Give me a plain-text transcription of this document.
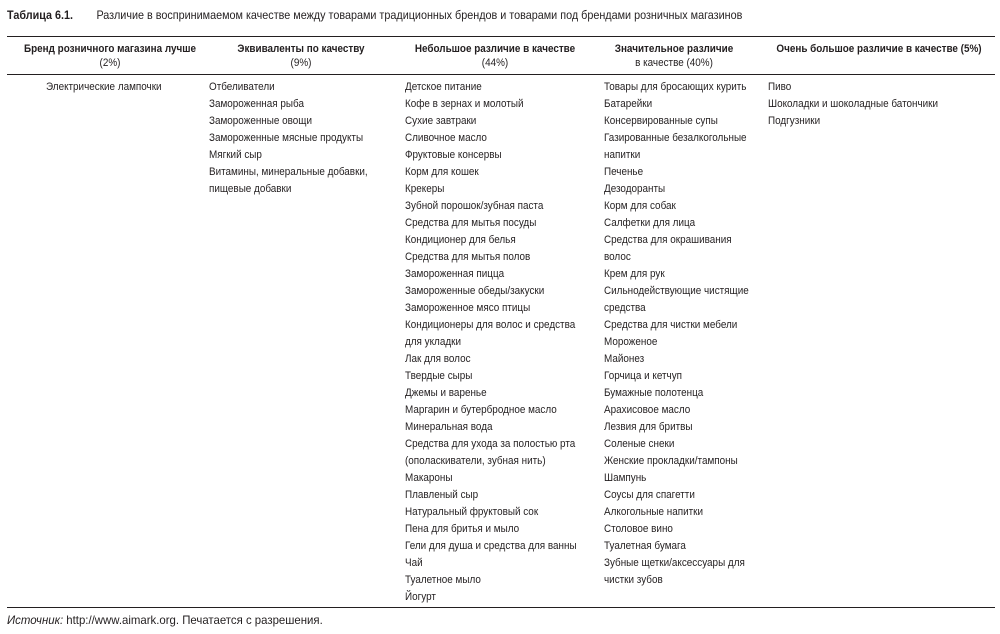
Таблица 6.1. Различие в воспринимаемом качестве между товарами традиционных брендов и товарами под брендами розничных магазинов
Бренд розничного магазина лучше
(2%)
Эквиваленты по качеству
(9%)
Небольшое различие в качестве
(44%)
Значительное различие
в качестве (40%)
Очень большое различие в качестве (5%)
Электрические лампочки	Отбеливатели
Замороженная рыба
Замороженные овощи
Замороженные мясные продукты
Мягкий сыр
Витамины, минеральные добавки,
пищевые добавки
Детское питание
Кофе в зернах и молотый
Сухие завтраки
Сливочное масло
Фруктовые консервы
Корм для кошек
Крекеры
Зубной порошок/зубная паста
Средства для мытья посуды
Кондиционер для белья
Средства для мытья полов
Замороженная пицца
Замороженные обеды/закуски
Замороженное мясо птицы
Кондиционеры для волос и средства
для укладки
Лак для волос
Твердые сыры
Джемы и варенье
Маргарин и бутербродное масло
Минеральная вода
Средства для ухода за полостью рта
(ополаскиватели, зубная нить)
Макароны
Плавленый сыр
Натуральный фруктовый сок
Пена для бритья и мыло
Гели для душа и средства для ванны
Чай
Туалетное мыло
Йогурт
Товары для бросающих курить
Батарейки
Консервированные супы
Газированные безалкогольные
напитки
Печенье
Дезодоранты
Корм для собак
Салфетки для лица
Средства для окрашивания
волос
Крем для рук
Сильнодействующие чистящие
средства
Средства для чистки мебели
Мороженое
Майонез
Горчица и кетчуп
Бумажные полотенца
Арахисовое масло
Лезвия для бритвы
Соленые снеки
Женские прокладки/тампоны
Шампунь
Соусы для спагетти
Алкогольные напитки
Столовое вино
Туалетная бумага
Зубные щетки/аксессуары для
чистки зубов
Пиво
Шоколадки и шоколадные батончики
Подгузники
Источник: http://www.aimark.org. Печатается с разрешения.
